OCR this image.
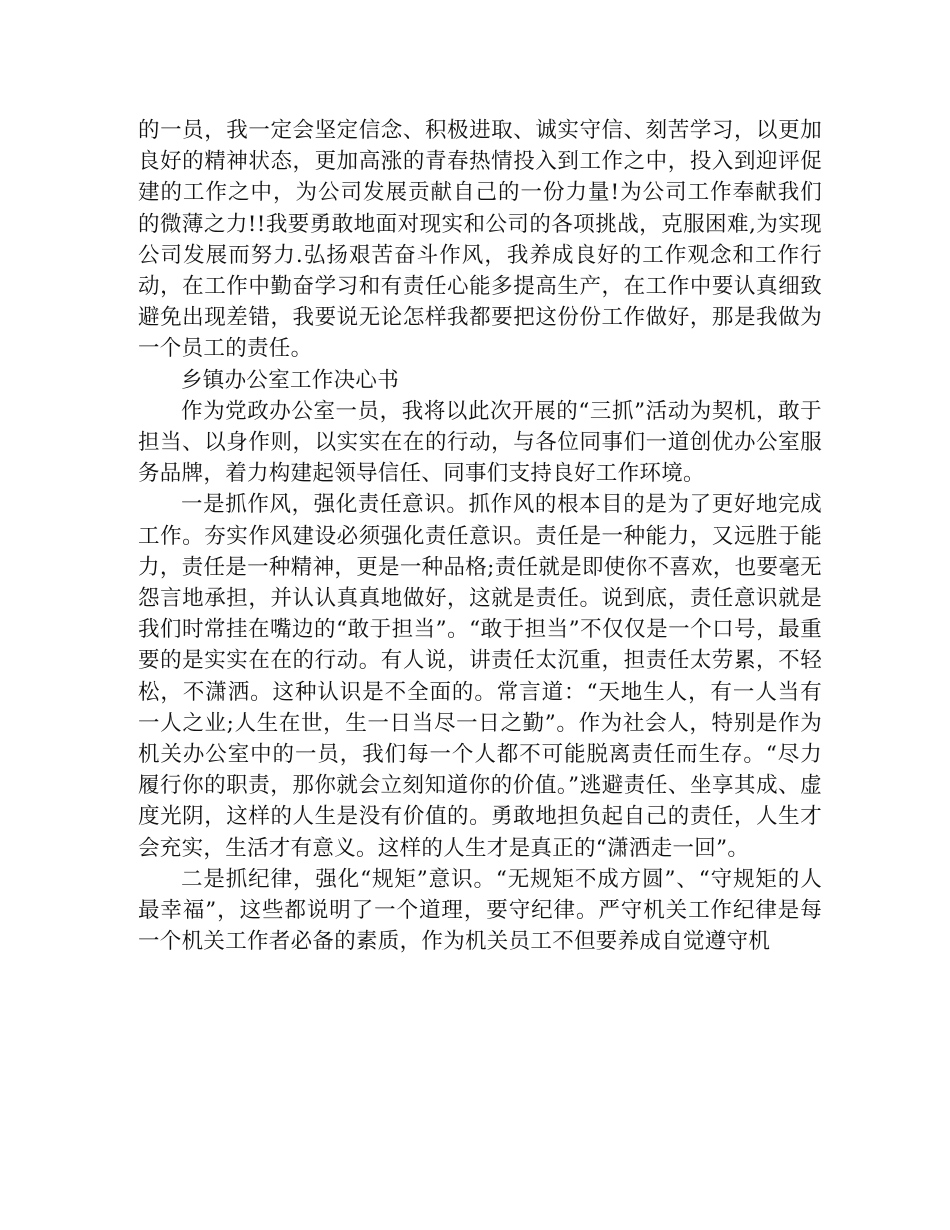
的一员，我一定会坚定信念、积极进取、诚实守信、刻苦学习，以更加良好的精神状态，更加高涨的青春热情投入到工作之中，投入到迎评促建的工作之中，为公司发展贡献自己的一份力量!为公司工作奉献我们的微薄之力!!我要勇敢地面对现实和公司的各项挑战，克服困难,为实现公司发展而努力.弘扬艰苦奋斗作风，我养成良好的工作观念和工作行动，在工作中勤奋学习和有责任心能多提高生产，在工作中要认真细致避免出现差错，我要说无论怎样我都要把这份份工作做好，那是我做为一个员工的责任。

乡镇办公室工作决心书

作为党政办公室一员，我将以此次开展的“三抓”活动为契机，敢于担当、以身作则，以实实在在的行动，与各位同事们一道创优办公室服务品牌，着力构建起领导信任、同事们支持良好工作环境。

一是抓作风，强化责任意识。抓作风的根本目的是为了更好地完成工作。夯实作风建设必须强化责任意识。责任是一种能力，又远胜于能力，责任是一种精神，更是一种品格;责任就是即使你不喜欢，也要毫无怨言地承担，并认认真真地做好，这就是责任。说到底，责任意识就是我们时常挂在嘴边的“敢于担当”。“敢于担当”不仅仅是一个口号，最重要的是实实在在的行动。有人说，讲责任太沉重，担责任太劳累，不轻松，不潇洒。这种认识是不全面的。常言道：“天地生人，有一人当有一人之业;人生在世，生一日当尽一日之勤”。作为社会人，特别是作为机关办公室中的一员，我们每一个人都不可能脱离责任而生存。“尽力履行你的职责，那你就会立刻知道你的价值。”逃避责任、坐享其成、虚度光阴，这样的人生是没有价值的。勇敢地担负起自己的责任，人生才会充实，生活才有意义。这样的人生才是真正的“潇洒走一回”。

二是抓纪律，强化“规矩”意识。“无规矩不成方圆”、“守规矩的人最幸福”，这些都说明了一个道理，要守纪律。严守机关工作纪律是每一个机关工作者必备的素质，作为机关员工不但要养成自觉遵守机
